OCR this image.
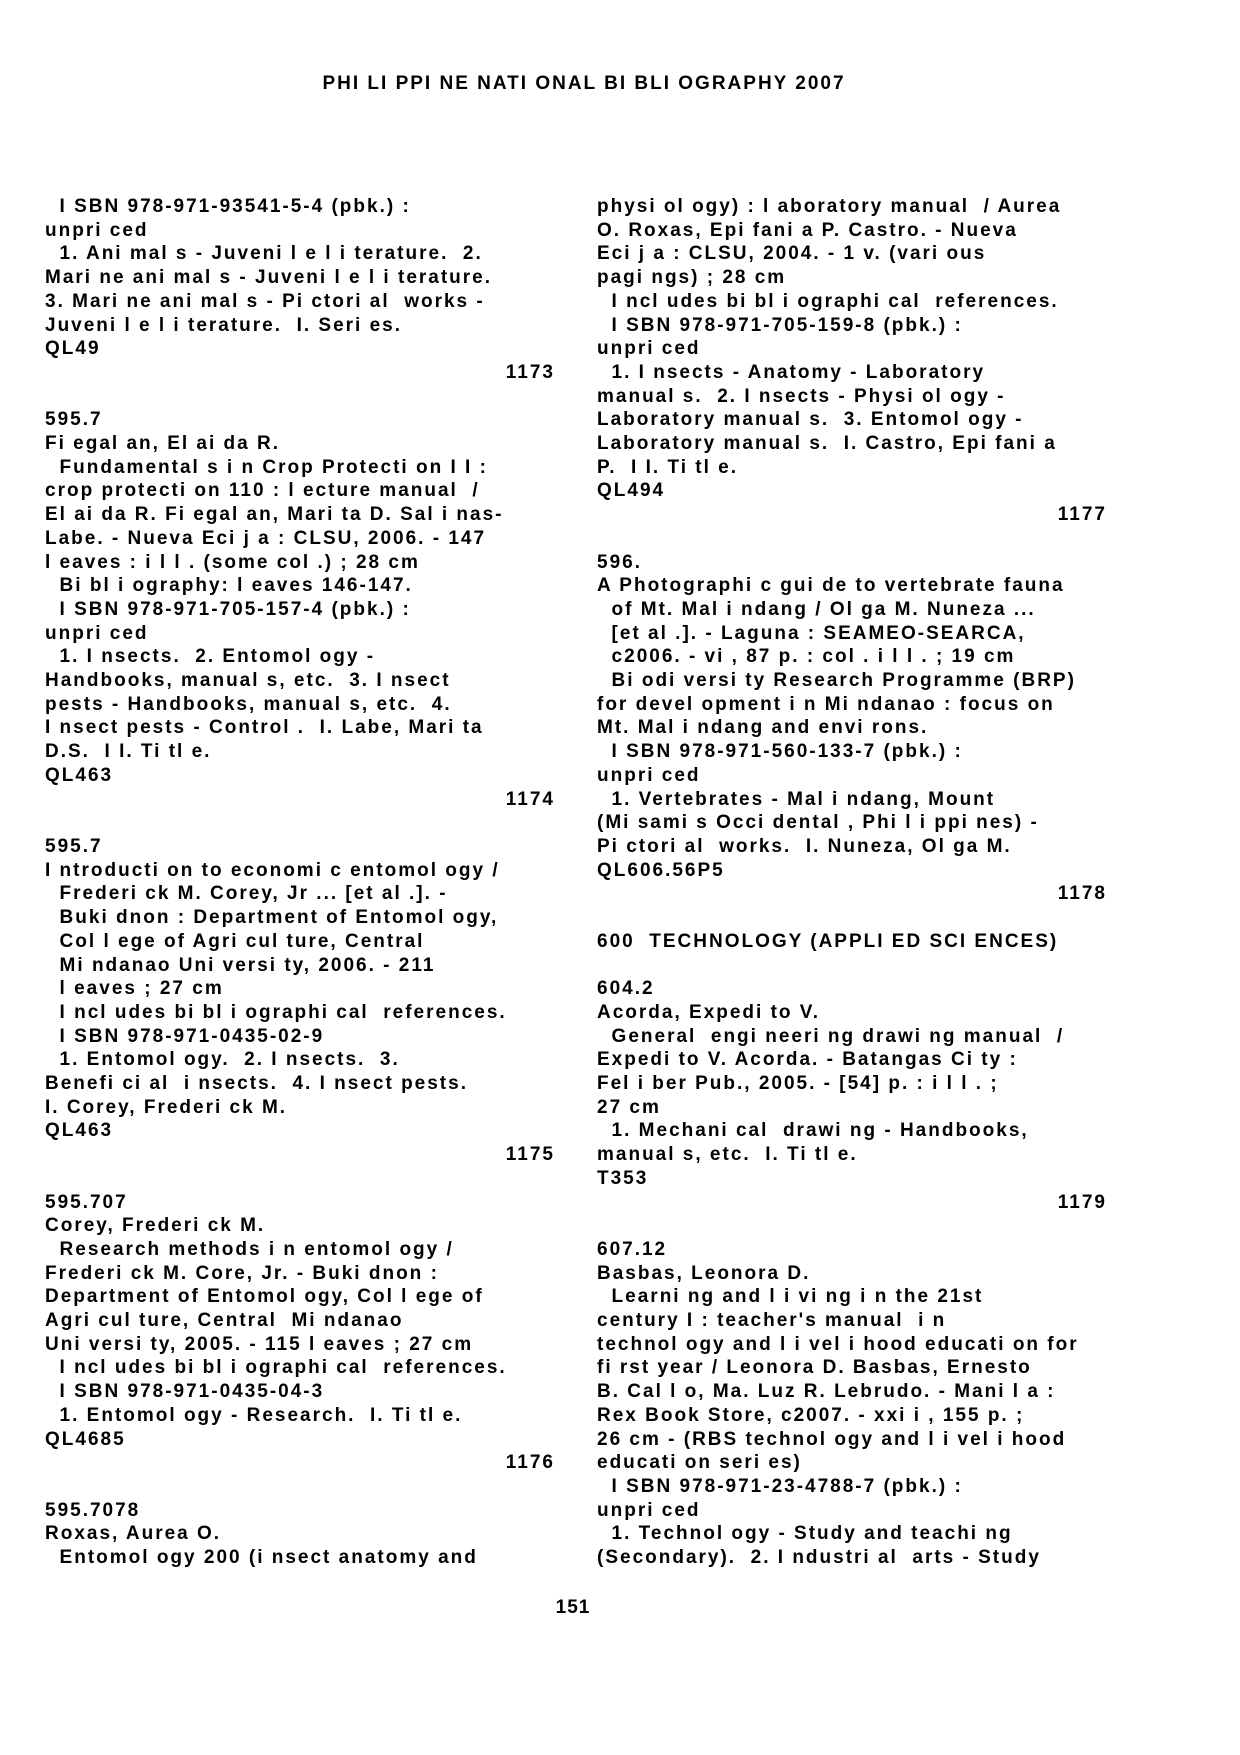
PHI LI PPI NE NATI ONAL BI BLI OGRAPHY 2007
I SBN 978-971-93541-5-4 (pbk.) :
unpri ced
1. Ani mal s - Juveni l e l i terature.  2.
Mari ne ani mal s - Juveni l e l i terature.
3. Mari ne ani mal s - Pi ctori al  works -
Juveni l e l i terature.  I. Seri es.
QL49
1173

595.7
Fi egal an, El ai da R.
Fundamental s i n Crop Protecti on I I :
crop protecti on 110 : l ecture manual  /
El ai da R. Fi egal an, Mari ta D. Sal i nas-
Labe. - Nueva Eci j a : CLSU, 2006. - 147
l eaves : i l l . (some col .) ; 28 cm
Bi bl i ography: l eaves 146-147.
I SBN 978-971-705-157-4 (pbk.) :
unpri ced
1. I nsects.  2. Entomol ogy -
Handbooks, manual s, etc.  3. I nsect
pests - Handbooks, manual s, etc.  4.
I nsect pests - Control .  I. Labe, Mari ta
D.S.  I I. Ti tl e.
QL463
1174

595.7
I ntroducti on to economi c entomol ogy /
Frederi ck M. Corey, Jr ... [et al .]. -
Buki dnon : Department of Entomol ogy,
Col l ege of Agri cul ture, Central
Mi ndanao Uni versi ty, 2006. - 211
l eaves ; 27 cm
I ncl udes bi bl i ographi cal  references.
I SBN 978-971-0435-02-9
1. Entomol ogy.  2. I nsects.  3.
Benefi ci al  i nsects.  4. I nsect pests.
I. Corey, Frederi ck M.
QL463
1175

595.707
Corey, Frederi ck M.
Research methods i n entomol ogy /
Frederi ck M. Core, Jr. - Buki dnon :
Department of Entomol ogy, Col l ege of
Agri cul ture, Central  Mi ndanao
Uni versi ty, 2005. - 115 l eaves ; 27 cm
I ncl udes bi bl i ographi cal  references.
I SBN 978-971-0435-04-3
1. Entomol ogy - Research.  I. Ti tl e.
QL4685
1176

595.7078
Roxas, Aurea O.
Entomol ogy 200 (i nsect anatomy and
physi ol ogy) : l aboratory manual  / Aurea
O. Roxas, Epi fani a P. Castro. - Nueva
Eci j a : CLSU, 2004. - 1 v. (vari ous
pagi ngs) ; 28 cm
I ncl udes bi bl i ographi cal  references.
I SBN 978-971-705-159-8 (pbk.) :
unpri ced
1. I nsects - Anatomy - Laboratory
manual s.  2. I nsects - Physi ol ogy -
Laboratory manual s.  3. Entomol ogy -
Laboratory manual s.  I. Castro, Epi fani a
P.  I I. Ti tl e.
QL494
1177

596.
A Photographi c gui de to vertebrate fauna
of Mt. Mal i ndang / Ol ga M. Nuneza ...
[et al .]. - Laguna : SEAMEO-SEARCA,
c2006. - vi , 87 p. : col . i l l . ; 19 cm
Bi odi versi ty Research Programme (BRP)
for devel opment i n Mi ndanao : focus on
Mt. Mal i ndang and envi rons.
I SBN 978-971-560-133-7 (pbk.) :
unpri ced
1. Vertebrates - Mal i ndang, Mount
(Mi sami s Occi dental , Phi l i ppi nes) -
Pi ctori al  works.  I. Nuneza, Ol ga M.
QL606.56P5
1178

600  TECHNOLOGY (APPLI ED SCI ENCES)

604.2
Acorda, Expedi to V.
General  engi neeri ng drawi ng manual  /
Expedi to V. Acorda. - Batangas Ci ty :
Fel i ber Pub., 2005. - [54] p. : i l l . ;
27 cm
1. Mechani cal  drawi ng - Handbooks,
manual s, etc.  I. Ti tl e.
T353
1179

607.12
Basbas, Leonora D.
Learni ng and l i vi ng i n the 21st
century I : teacher's manual  i n
technol ogy and l i vel i hood educati on for
fi rst year / Leonora D. Basbas, Ernesto
B. Cal l o, Ma. Luz R. Lebrudo. - Mani l a :
Rex Book Store, c2007. - xxi i , 155 p. ;
26 cm - (RBS technol ogy and l i vel i hood
educati on seri es)
I SBN 978-971-23-4788-7 (pbk.) :
unpri ced
1. Technol ogy - Study and teachi ng
(Secondary).  2. I ndustri al  arts - Study
151
